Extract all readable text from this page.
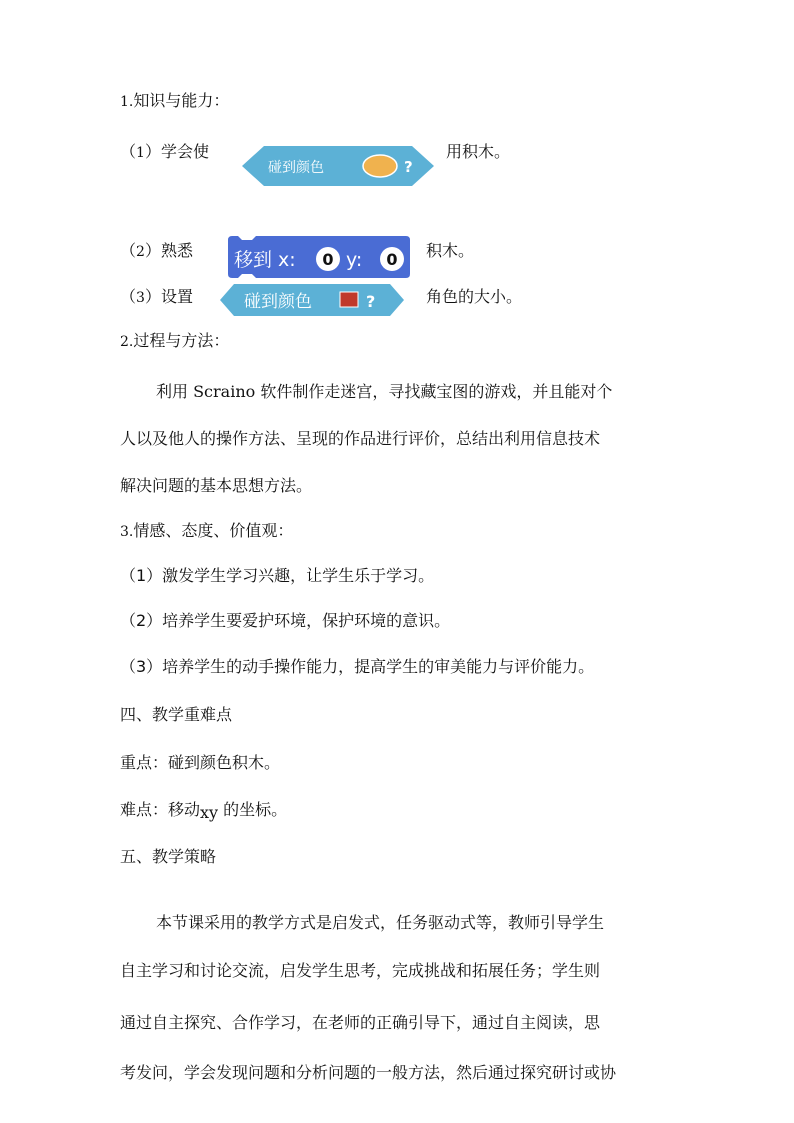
1.知识与能力：
（1）学会使
碰到颜色	?
用积木。
（2）熟悉 移到 x: 0 y: 0 积木。
（3）设置	碰到颜色	?	角色的大小。
2.过程与方法：
利用 Scraino 软件制作走迷宫，寻找藏宝图的游戏，并且能对个
人以及他人的操作方法、呈现的作品进行评价，总结出利用信息技术
解决问题的基本思想方法。
3.情感、态度、价值观：
（1）激发学生学习兴趣，让学生乐于学习。
（2）培养学生要爱护环境，保护环境的意识。
（3）培养学生的动手操作能力，提高学生的审美能力与评价能力。
四、教学重难点
重点：碰到颜色积木。
难点：移动xy 的坐标。
五、教学策略
本节课采用的教学方式是启发式，任务驱动式等，教师引导学生
自主学习和讨论交流，启发学生思考，完成挑战和拓展任务；学生则
通过自主探究、合作学习，在老师的正确引导下，通过自主阅读，思
考发问，学会发现问题和分析问题的一般方法，然后通过探究研讨或协
